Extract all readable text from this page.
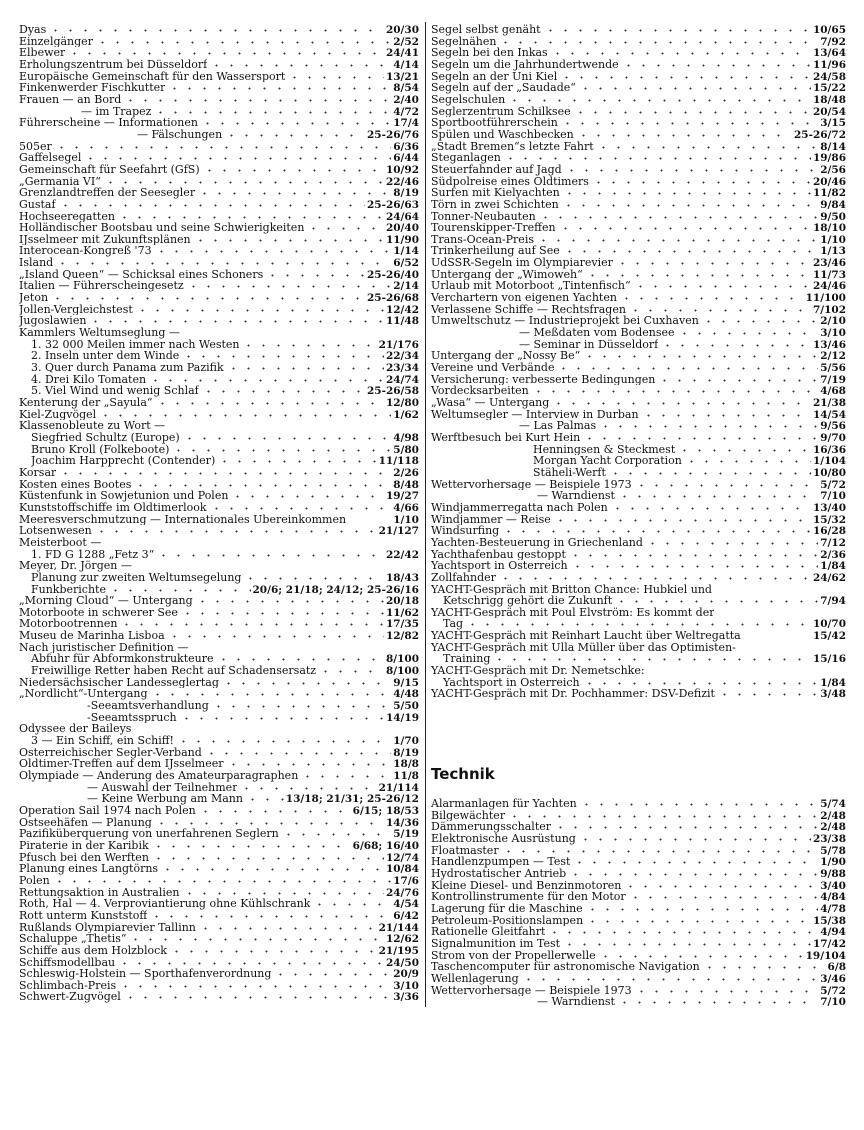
Dyas	20/30
Einzelgänger	2/52
Elbewer	24/41
Erholungszentrum bei Düsseldorf	4/14
Europäische Gemeinschaft für den Wassersport	13/21
Finkenwerder Fischkutter	8/54
Frauen — an Bord	2/40
— im Trapez	4/72
Führerscheine — Informationen	17/4
— Fälschungen	25-26/76
505er	6/36
Gaffelsegel	6/44
Gemeinschaft für Seefahrt (GfS)	10/92
„Germania VI“	22/46
Grenzlandtreffen der Seesegler	8/19
Gustaf	25-26/63
Hochseeregatten	24/64
Holländischer Bootsbau und seine Schwierigkeiten	20/40
IJsselmeer mit Zukunftsplänen	11/90
Interocean-Kongreß '73	1/14
Island	6/52
„Island Queen“ — Schicksal eines Schoners	25-26/40
Italien — Führerscheingesetz	2/14
Jeton	25-26/68
Jollen-Vergleichstest	12/42
Jugoslawien	11/48
Kammlers Weltumseglung —
1. 32 000 Meilen immer nach Westen	21/176
2. Inseln unter dem Winde	22/34
3. Quer durch Panama zum Pazifik	23/34
4. Drei Kilo Tomaten	24/74
5. Viel Wind und wenig Schlaf	25-26/58
Kenterung der „Sayula“	12/80
Kiel-Zugvögel	1/62
Klassenobleute zu Wort —
Siegfried Schultz (Europe)	4/98
Bruno Kroll (Folkeboote)	5/80
Joachim Harpprecht (Contender)	11/118
Korsar	2/26
Kosten eines Bootes	8/48
Küstenfunk in Sowjetunion und Polen	19/27
Kunststoffschiffe im Oldtimerlook	4/66
Meeresverschmutzung — Internationales Übereinkommen	1/10
Lotsenwesen	21/127
Meisterboot —
1. FD G 1288 „Fetz 3“	22/42
Meyer, Dr. Jörgen —
Planung zur zweiten Weltumsegelung	18/43
Funkberichte	20/6; 21/18; 24/12; 25-26/16
„Morning Cloud“ — Untergang	20/18
Motorboote in schwerer See	11/62
Motorbootrennen	17/35
Museu de Marinha Lisboa	12/82
Nach juristischer Definition —
Abfuhr für Abformkonstrukteure	8/100
Freiwillige Retter haben Recht auf Schadensersatz	8/100
Niedersächsischer Landesseglertag	9/15
„Nordlicht“-Untergang	4/48
-Seeamtsverhandlung	5/50
-Seeamtsspruch	14/19
Odyssee der Baileys
3 — Ein Schiff, ein Schiff!	1/70
Österreichischer Segler-Verband	8/19
Oldtimer-Treffen auf dem IJsselmeer	18/8
Olympiade — Änderung des Amateurparagraphen	11/8
— Auswahl der Teilnehmer	21/114
— Keine Werbung am Mann	13/18; 21/31; 25-26/12
Operation Sail 1974 nach Polen	6/15; 18/53
Ostseehäfen — Planung	14/36
Pazifiküberquerung von unerfahrenen Seglern	5/19
Piraterie in der Karibik	6/68; 16/40
Pfusch bei den Werften	12/74
Planung eines Langtörns	10/84
Polen	17/6
Rettungsaktion in Australien	24/76
Roth, Hal — 4. Verproviantierung ohne Kühlschrank	4/54
Rott unterm Kunststoff	6/42
Rußlands Olympiarevier Tallinn	21/144
Schaluppe „Thetis“	12/62
Schiffe aus dem Holzblock	21/195
Schiffsmodellbau	24/50
Schleswig-Holstein — Sporthafenverordnung	20/9
Schlimbach-Preis	3/10
Schwert-Zugvögel	3/36
Segel selbst genäht	10/65
Segelnähen	7/92
Segeln bei den Inkas	13/64
Segeln um die Jahrhundertwende	11/96
Segeln an der Uni Kiel	24/58
Segeln auf der „Saudade“	15/22
Segelschulen	18/48
Seglerzentrum Schilksee	20/54
Sportbootführerschein	3/15
Spülen und Waschbecken	25-26/72
„Stadt Bremen“s letzte Fahrt	8/14
Steganlagen	19/86
Steuerfahnder auf Jagd	2/56
Südpolreise eines Oldtimers	20/46
Surfen mit Kielyachten	11/82
Törn in zwei Schichten	9/84
Tonner-Neubauten	9/50
Tourenskipper-Treffen	18/10
Trans-Ocean-Preis	1/10
Trinkerheilung auf See	1/13
UdSSR-Segeln im Olympiarevier	23/46
Untergang der „Wimoweh“	11/73
Urlaub mit Motorboot „Tintenfisch“	24/46
Verchartern von eigenen Yachten	11/100
Verlassene Schiffe — Rechtsfragen	7/102
Umweltschutz — Industrieprojekt bei Cuxhaven	2/10
— Meßdaten vom Bodensee	3/10
— Seminar in Düsseldorf	13/46
Untergang der „Nossy Be“	2/12
Vereine und Verbände	5/56
Versicherung: verbesserte Bedingungen	7/19
Vordecksarbeiten	4/68
„Wasa“ — Untergang	21/38
Weltumsegler — Interview in Durban	14/54
— Las Palmas	9/56
Werftbesuch bei Kurt Hein	9/70
Henningsen & Steckmest	16/36
Morgan Yacht Corporation	1/104
Stäheli-Werft	10/80
Wettervorhersage — Beispiele 1973	5/72
— Warndienst	7/10
Windjammerregatta nach Polen	13/40
Windjammer — Reise	15/32
Windsurfing	16/28
Yachten-Besteuerung in Griechenland	7/12
Yachthafenbau gestoppt	2/36
Yachtsport in Österreich	1/84
Zollfahnder	24/62
YACHT-Gespräch mit Britton Chance: Hubkiel und
Ketschrigg gehört die Zukunft	7/94
YACHT-Gespräch mit Poul Elvström: Es kommt der
Tag	10/70
YACHT-Gespräch mit Reinhart Laucht über Weltregatta	15/42
YACHT-Gespräch mit Ulla Müller über das Optimisten-
Training	15/16
YACHT-Gespräch mit Dr. Nemetschke:
Yachtsport in Österreich	1/84
YACHT-Gespräch mit Dr. Pochhammer: DSV-Defizit	3/48
Technik
Alarmanlagen für Yachten	5/74
Bilgewächter	2/48
Dämmerungsschalter	2/48
Elektronische Ausrüstung	23/38
Floatmaster	5/78
Handlenzpumpen — Test	1/90
Hydrostatischer Antrieb	9/88
Kleine Diesel- und Benzinmotoren	3/40
Kontrollinstrumente für den Motor	4/84
Lagerung für die Maschine	4/78
Petroleum-Positionslampen	15/38
Rationelle Gleitfahrt	4/94
Signalmunition im Test	17/42
Strom von der Propellerwelle	19/104
Taschencomputer für astronomische Navigation	6/8
Wellenlagerung	3/46
Wettervorhersage — Beispiele 1973	5/72
— Warndienst	7/10
